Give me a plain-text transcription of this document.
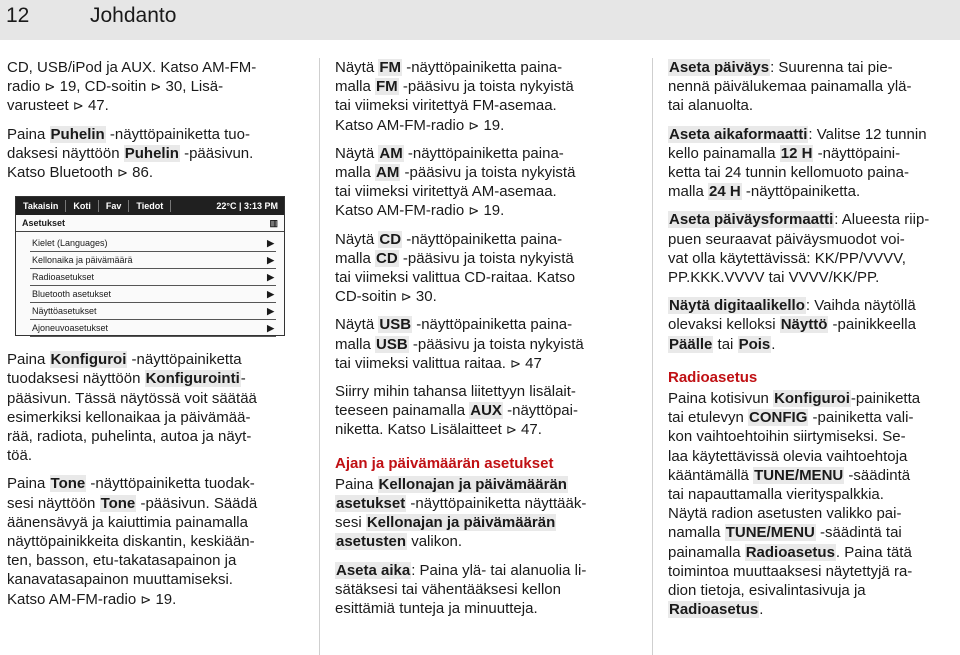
12	Johdanto

CD, USB/iPod ja AUX. Katso AM-FM-
radio ⊳ 19, CD-soitin ⊳ 30, Lisä-
varusteet ⊳ 47.

Paina Puhelin -näyttöpainiketta tuo-
daksesi näyttöön Puhelin -pääsivun.
Katso Bluetooth ⊳ 86.

Takaisin	Koti	Fav	Tiedot	22°C | 3:13 PM
Asetukset	▥
Kielet (Languages)	▶
Kellonaika ja päivämäärä	▶
Radioasetukset	▶
Bluetooth asetukset	▶
Näyttöasetukset	▶
Ajoneuvoasetukset	▶

Paina Konfiguroi -näyttöpainiketta
tuodaksesi näyttöön Konfigurointi-
pääsivun. Tässä näytössä voit säätää
esimerkiksi kellonaikaa ja päivämää-
rää, radiota, puhelinta, autoa ja näyt-
töä.

Paina Tone -näyttöpainiketta tuodak-
sesi näyttöön Tone -pääsivun. Säädä
äänensävyä ja kaiuttimia painamalla
näyttöpainikkeita diskantin, keskiään-
ten, basson, etu-takatasapainon ja
kanavatasapainon muuttamiseksi.
Katso AM-FM-radio ⊳ 19.

Näytä FM -näyttöpainiketta paina-
malla FM -pääsivu ja toista nykyistä
tai viimeksi viritettyä FM-asemaa.
Katso AM-FM-radio ⊳ 19.

Näytä AM -näyttöpainiketta paina-
malla AM -pääsivu ja toista nykyistä
tai viimeksi viritettyä AM-asemaa.
Katso AM-FM-radio ⊳ 19.

Näytä CD -näyttöpainiketta paina-
malla CD -pääsivu ja toista nykyistä
tai viimeksi valittua CD-raitaa. Katso
CD-soitin ⊳ 30.

Näytä USB -näyttöpainiketta paina-
malla USB -pääsivu ja toista nykyistä
tai viimeksi valittua raitaa. ⊳ 47

Siirry mihin tahansa liitettyyn lisälait-
teeseen painamalla AUX -näyttöpai-
niketta. Katso Lisälaitteet ⊳ 47.

Ajan ja päivämäärän asetukset

Paina Kellonajan ja päivämäärän
asetukset -näyttöpainiketta näyttääk-
sesi Kellonajan ja päivämäärän
asetusten valikon.

Aseta aika: Paina ylä- tai alanuolia li-
sätäksesi tai vähentääksesi kellon
esittämiä tunteja ja minuutteja.

Aseta päiväys: Suurenna tai pie-
nennä päivälukemaa painamalla ylä-
tai alanuolta.

Aseta aikaformaatti: Valitse 12 tunnin
kello painamalla 12 H -näyttöpaini-
ketta tai 24 tunnin kellomuoto paina-
malla 24 H -näyttöpainiketta.

Aseta päiväysformaatti: Alueesta riip-
puen seuraavat päiväysmuodot voi-
vat olla käytettävissä: KK/PP/VVVV,
PP.KKK.VVVV tai VVVV/KK/PP.

Näytä digitaalikello: Vaihda näytöllä
olevaksi kelloksi Näyttö -painikkeella
Päälle tai Pois.

Radioasetus

Paina kotisivun Konfiguroi-painiketta
tai etulevyn CONFIG -painiketta vali-
kon vaihtoehtoihin siirtymiseksi. Se-
laa käytettävissä olevia vaihtoehtoja
kääntämällä TUNE/MENU -säädintä
tai napauttamalla vierityspalkkia.
Näytä radion asetusten valikko pai-
namalla TUNE/MENU -säädintä tai
painamalla Radioasetus. Paina tätä
toimintoa muuttaaksesi näytettyjä ra-
dion tietoja, esivalintasivuja ja
Radioasetus.
